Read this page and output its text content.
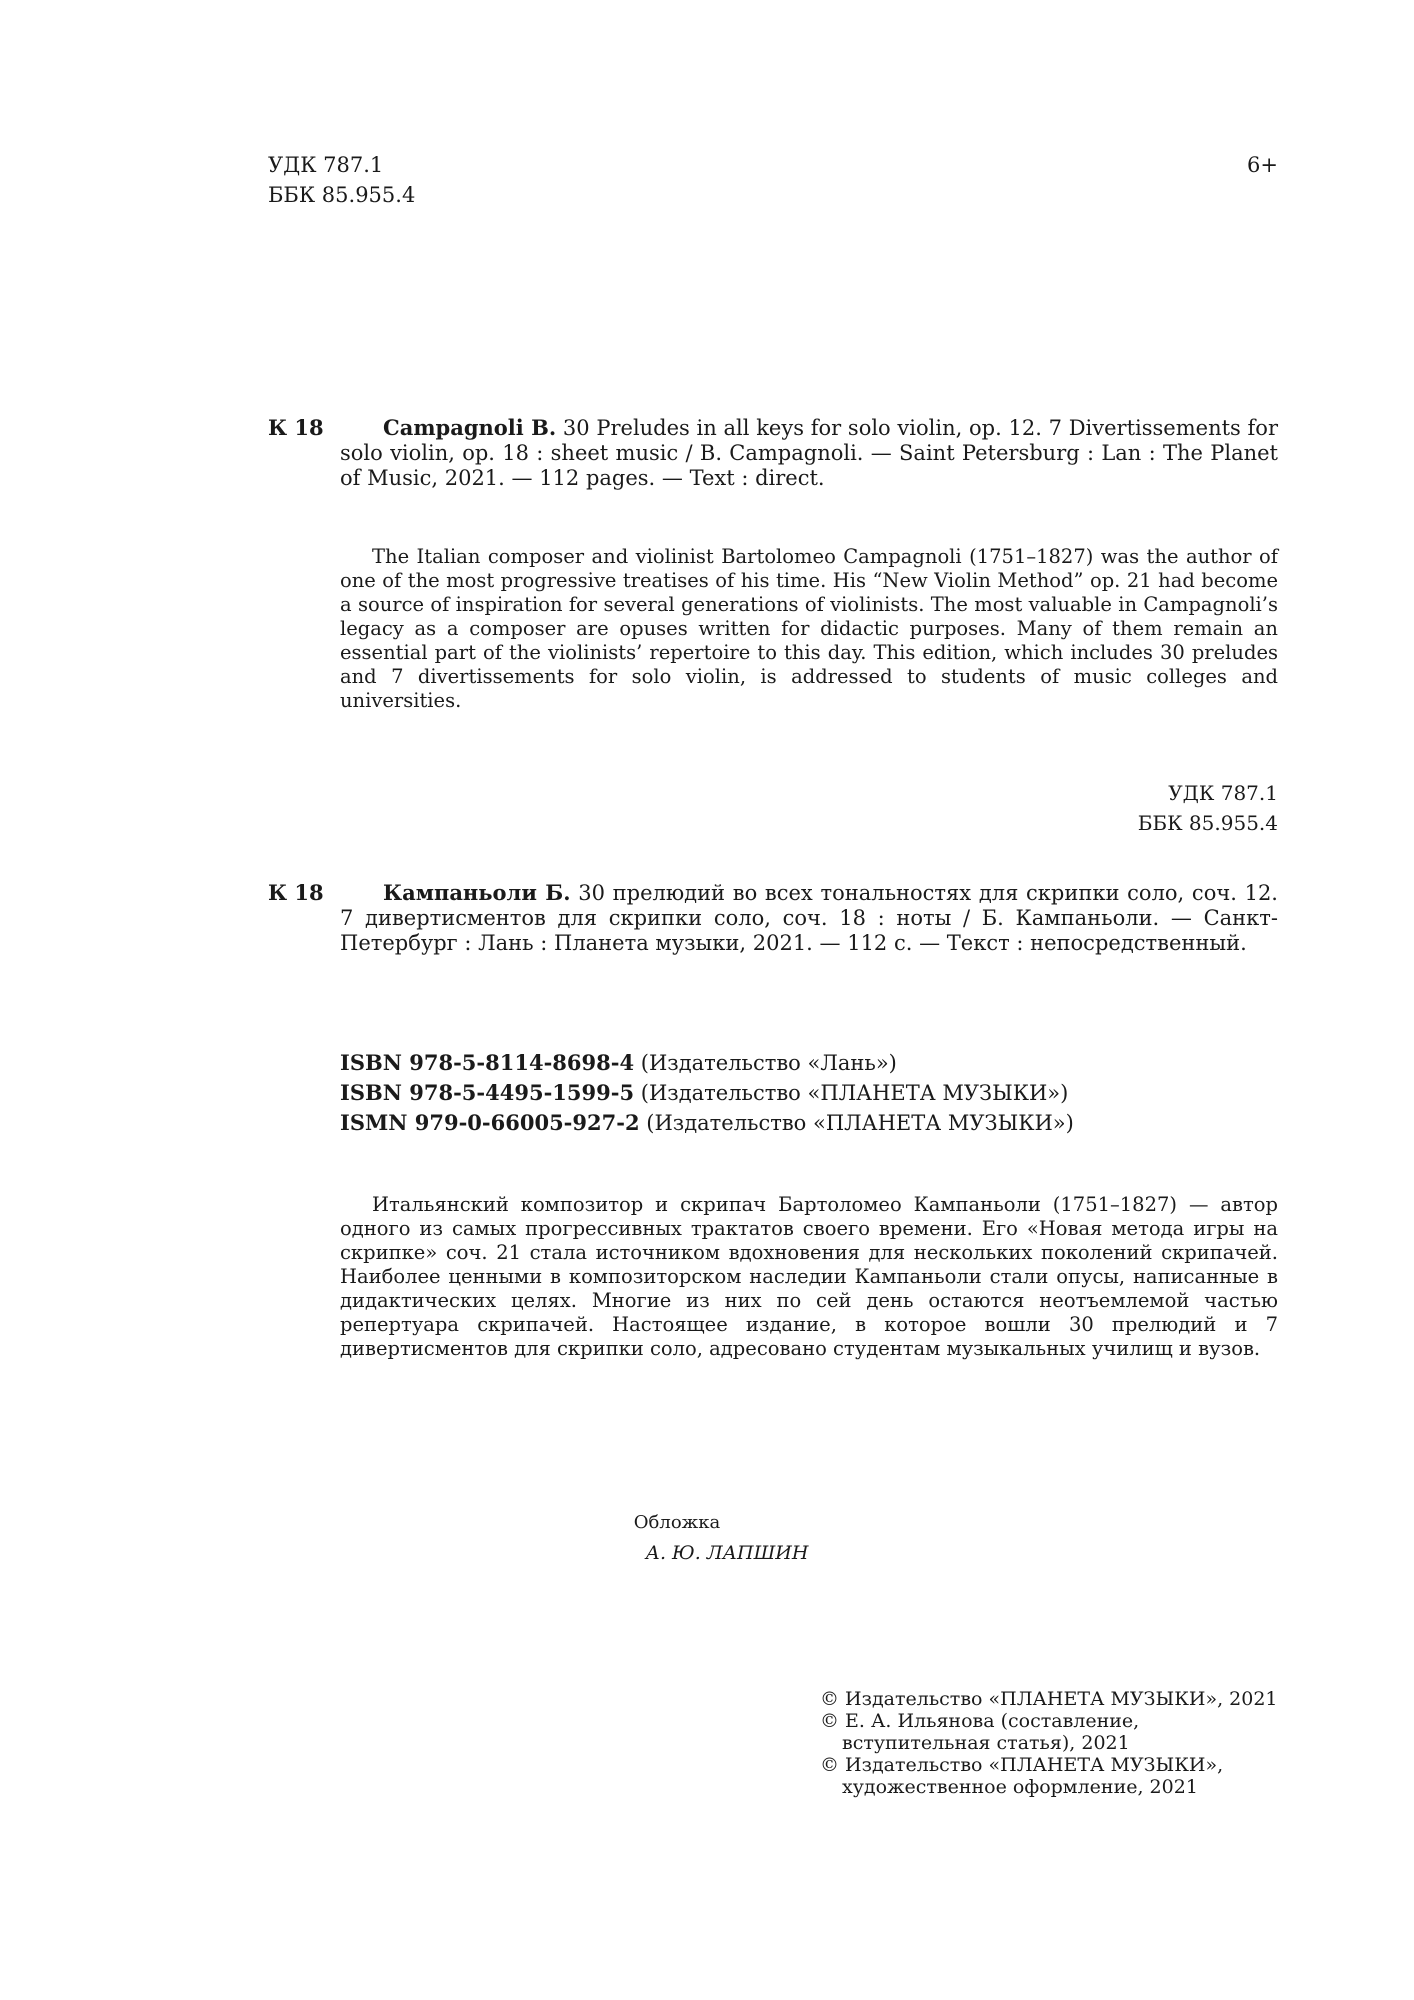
УДК 787.1
ББК 85.955.4
6+
К 18	Campagnoli B. 30 Preludes in all keys for solo violin, op. 12. 7 Divertissements for solo violin, op. 18 : sheet music / B. Campagnoli. — Saint Petersburg : Lan : The Planet of Music, 2021. — 112 pages. — Text : direct.

The Italian composer and violinist Bartolomeo Campagnoli (1751–1827) was the author of one of the most progressive treatises of his time. His “New Violin Method” op. 21 had become a source of inspiration for several generations of violinists. The most valuable in Campagnoli’s legacy as a composer are opuses written for didactic purposes. Many of them remain an essential part of the violinists’ repertoire to this day. This edition, which includes 30 preludes and 7 divertissements for solo violin, is addressed to students of music colleges and universities.

УДК 787.1
ББК 85.955.4
К 18	Кампаньоли Б. 30 прелюдий во всех тональностях для скрипки соло, соч. 12. 7 дивертисментов для скрипки соло, соч. 18 : ноты / Б. Кампаньоли. — Санкт-Петербург : Лань : Планета музыки, 2021. — 112 с. — Текст : непосредственный.

ISBN 978-5-8114-8698-4 (Издательство «Лань»)
ISBN 978-5-4495-1599-5 (Издательство «ПЛАНЕТА МУЗЫКИ»)
ISMN 979-0-66005-927-2 (Издательство «ПЛАНЕТА МУЗЫКИ»)

Итальянский композитор и скрипач Бартоломео Кампаньоли (1751–1827) — автор одного из самых прогрессивных трактатов своего времени. Его «Новая метода игры на скрипке» соч. 21 стала источником вдохновения для нескольких поколений скрипачей. Наиболее ценными в композиторском наследии Кампаньоли стали опусы, написанные в дидактических целях. Многие из них по сей день остаются неотъемлемой частью репертуара скрипачей. Настоящее издание, в которое вошли 30 прелюдий и 7 дивертисментов для скрипки соло, адресовано студентам музыкальных училищ и вузов.

Обложка
А. Ю. ЛАПШИН
© Издательство «ПЛАНЕТА МУЗЫКИ», 2021
© Е. А. Ильянова (составление, вступительная статья), 2021
© Издательство «ПЛАНЕТА МУЗЫКИ», художественное оформление, 2021
